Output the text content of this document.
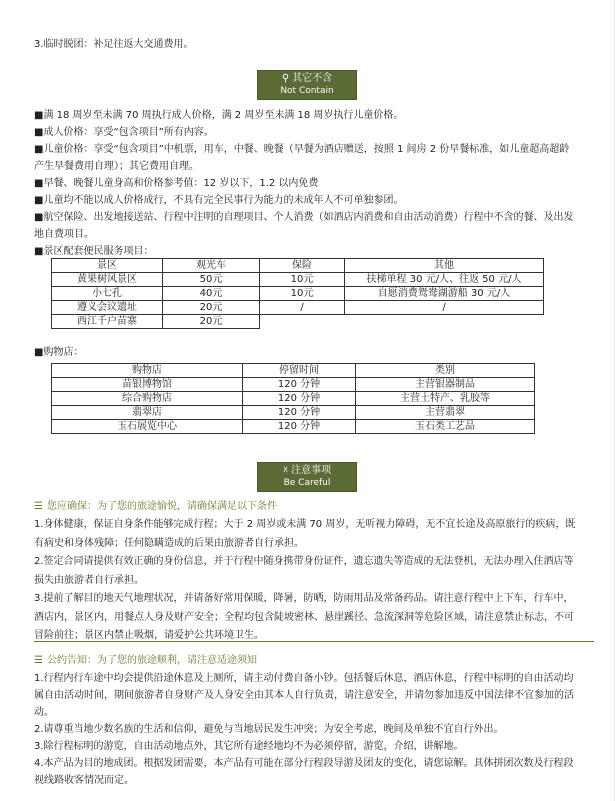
3.临时脱团：补足往返大交通费用。
⚲ 其它不含
Not Contain

■满 18 周岁至未满 70 周执行成人价格，满 2 周岁至未满 18 周岁执行儿童价格。

■成人价格：享受“包含项目”所有内容。

■儿童价格：享受“包含项目”中机票，用车，中餐、晚餐（早餐为酒店赠送，按照 1 间房 2 份早餐标准，如儿童超高超龄

产生早餐费用自理）；其它费用自理。

■早餐、晚餐儿童身高和价格参考值：12 岁以下，1.2 以内免费

■儿童均不能以成人价格成行，不具有完全民事行为能力的未成年人不可单独参团。

■航空保险、出发地接送站、行程中注明的自理项目、个人消费（如酒店内消费和自由活动消费）行程中不含的餐、及出发

地自费项目。

■景区配套便民服务项目：

景区	观光车	保险	其他
黄果树风景区	50元	10元	扶梯单程 30 元/人、往返 50 元/人
小七孔	40元	10元	自愿消费鸳鸯湖游船 30 元/人
遵义会议遗址	20元	/	/
西江千户苗寨	20元		
■购物店：
购物店	停留时间	类别
苗银博物馆	120 分钟	主营银器制品
综合购物店	120 分钟	主营土特产、乳胶等
翡翠店	120 分钟	主营翡翠
玉石展览中心	120 分钟	玉石类工艺品
☓ 注意事项
Be Careful
☰ 您应确保：为了您的旅途愉悦，请确保满足以下条件

1.身体健康，保证自身条件能够完成行程；大于 2 周岁或未满 70 周岁，无听视力障碍，无不宜长途及高原旅行的疾病，既

有病史和身体残障；任何隐瞒造成的后果由旅游者自行承担。

2.签定合同请提供有效正确的身份信息，并于行程中随身携带身份证件，遗忘遗失等造成的无法登机，无法办理入住酒店等

损失由旅游者自行承担。

3.提前了解目的地天气地理状况，并请备好常用保暖，降暑，防晒，防雨用品及常备药品。请注意行程中上下车，行车中，

酒店内，景区内，用餐点人身及财产安全；全程均包含陡坡密林、悬崖蹊径、急流深洞等危险区域，请注意禁止标志，不可

冒险前往；景区内禁止吸烟，请爱护公共环境卫生。

☰ 公约告知：为了您的旅途顺利，请注意适途须知

1.行程内行车途中均会提供沿途休息及上厕所，请主动付费自备小钞。包括餐后休息，酒店休息，行程中标明的自由活动均

属自由活动时间，期间旅游者自身财产及人身安全由其本人自行负责，请注意安全，并请勿参加违反中国法律不宜参加的活

动。

2.请尊重当地少数名族的生活和信仰，避免与当地居民发生冲突；为安全考虑，晚间及单独不宜自行外出。

3.除行程标明的游览，自由活动地点外，其它所有途经地均不为必须停留，游览，介绍，讲解地。

4.本产品为目的地成团。根据发团需要，本产品有可能在部分行程段导游及团友的变化，请您谅解。具体拼团次数及行程段

视线路收客情况而定。
